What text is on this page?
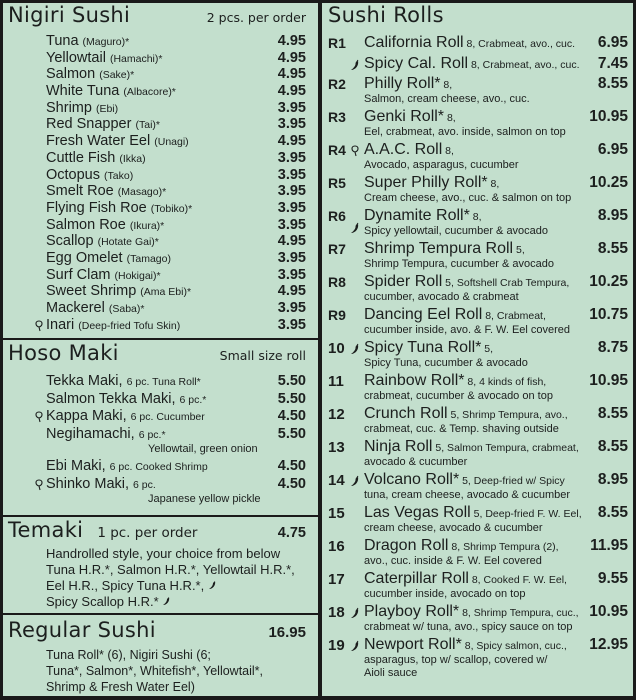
Nigiri Sushi	2 pcs. per order
Tuna (Maguro)*	4.95
Yellowtail (Hamachi)*	4.95
Salmon (Sake)*	4.95
White Tuna (Albacore)*	4.95
Shrimp (Ebi)	3.95
Red Snapper (Tai)*	3.95
Fresh Water Eel (Unagi)	4.95
Cuttle Fish (Ikka)	3.95
Octopus (Tako)	3.95
Smelt Roe (Masago)*	3.95
Flying Fish Roe (Tobiko)*	3.95
Salmon Roe (Ikura)*	3.95
Scallop (Hotate Gai)*	4.95
Egg Omelet (Tamago)	3.95
Surf Clam (Hokigai)*	3.95
Sweet Shrimp (Ama Ebi)*	4.95
Mackerel (Saba)*	3.95
Inari (Deep-fried Tofu Skin)	3.95
Hoso Maki	Small size roll
Tekka Maki, 6 pc. Tuna Roll*	5.50
Salmon Tekka Maki, 6 pc.*	5.50
Kappa Maki, 6 pc. Cucumber	4.50
Negihamachi, 6 pc.*	5.50
Yellowtail, green onion
Ebi Maki, 6 pc. Cooked Shrimp	4.50
Shinko Maki, 6 pc.	4.50
Japanese yellow pickle
Temaki 1 pc. per order	4.75
Handrolled style, your choice from below
Tuna H.R.*, Salmon H.R.*, Yellowtail H.R.*,
Eel H.R., Spicy Tuna H.R.*,
Spicy Scallop H.R.*
Regular Sushi	16.95
Tuna Roll* (6), Nigiri Sushi (6;
Tuna*, Salmon*, Whitefish*, Yellowtail*,
Shrimp & Fresh Water Eel)
Sushi Rolls
R1 California Roll 8, Crabmeat, avo., cuc.	6.95
Spicy Cal. Roll 8, Crabmeat, avo., cuc.	7.45
R2 Philly Roll* 8,	8.55
Salmon, cream cheese, avo., cuc.
R3 Genki Roll* 8,	10.95
Eel, crabmeat, avo. inside, salmon on top
R4 A.A.C. Roll 8,	6.95
Avocado, asparagus, cucumber
R5 Super Philly Roll* 8,	10.25
Cream cheese, avo., cuc. & salmon on top
R6 Dynamite Roll* 8,	8.95
Spicy yellowtail, cucumber & avocado
R7 Shrimp Tempura Roll 5,	8.55
Shrimp Tempura, cucumber & avocado
R8 Spider Roll 5, Softshell Crab Tempura,	10.25
cucumber, avocado & crabmeat
R9 Dancing Eel Roll 8, Crabmeat,	10.75
cucumber inside, avo. & F. W. Eel covered
10 Spicy Tuna Roll* 5,	8.75
Spicy Tuna, cucumber & avocado
11 Rainbow Roll* 8, 4 kinds of fish,	10.95
crabmeat, cucumber & avocado on top
12 Crunch Roll 5, Shrimp Tempura, avo.,	8.55
crabmeat, cuc. & Temp. shaving outside
13 Ninja Roll 5, Salmon Tempura, crabmeat,	8.55
avocado & cucumber
14 Volcano Roll* 5, Deep-fried w/ Spicy	8.95
tuna, cream cheese, avocado & cucumber
15 Las Vegas Roll 5, Deep-fried F. W. Eel,	8.55
cream cheese, avocado & cucumber
16 Dragon Roll 8, Shrimp Tempura (2),	11.95
avo., cuc. inside & F. W. Eel covered
17 Caterpillar Roll 8, Cooked F. W. Eel,	9.55
cucumber inside, avocado on top
18 Playboy Roll* 8, Shrimp Tempura, cuc., 10.95
crabmeat w/ tuna, avo., spicy sauce on top
19 Newport Roll* 8, Spicy salmon, cuc.,	12.95
asparagus, top w/ scallop, covered w/
Aioli sauce
